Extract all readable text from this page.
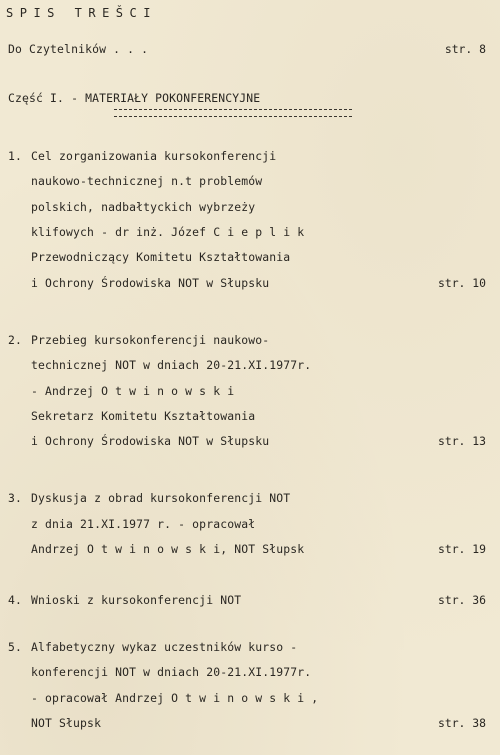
SPIS TREŠCI
Do Czytelników . . .	str. 8
Część I. - MATERIAŁY POKONFERENCYJNE
1. Cel zorganizowania kursokonferencji
naukowo-technicznej n.t problemów
polskich, nadbałtyckich wybrzeży
klifowych - dr inż. Józef C i e p l i k
Przewodniczący Komitetu Kształtowania
i Ochrony Środowiska NOT w Słupsku	str. 10
2. Przebieg kursokonferencji naukowo-
technicznej NOT w dniach 20-21.XI.1977r.
- Andrzej O t w i n o w s k i
Sekretarz Komitetu Kształtowania
i Ochrony Środowiska NOT w Słupsku	str. 13
3. Dyskusja z obrad kursokonferencji NOT
z dnia 21.XI.1977 r. - opracował
Andrzej O t w i n o w s k i, NOT Słupsk	str. 19
4. Wnioski z kursokonferencji NOT	str. 36
5. Alfabetyczny wykaz uczestników kurso -
konferencji NOT w dniach 20-21.XI.1977r.
- opracował Andrzej O t w i n o w s k i ,
NOT Słupsk	str. 38
